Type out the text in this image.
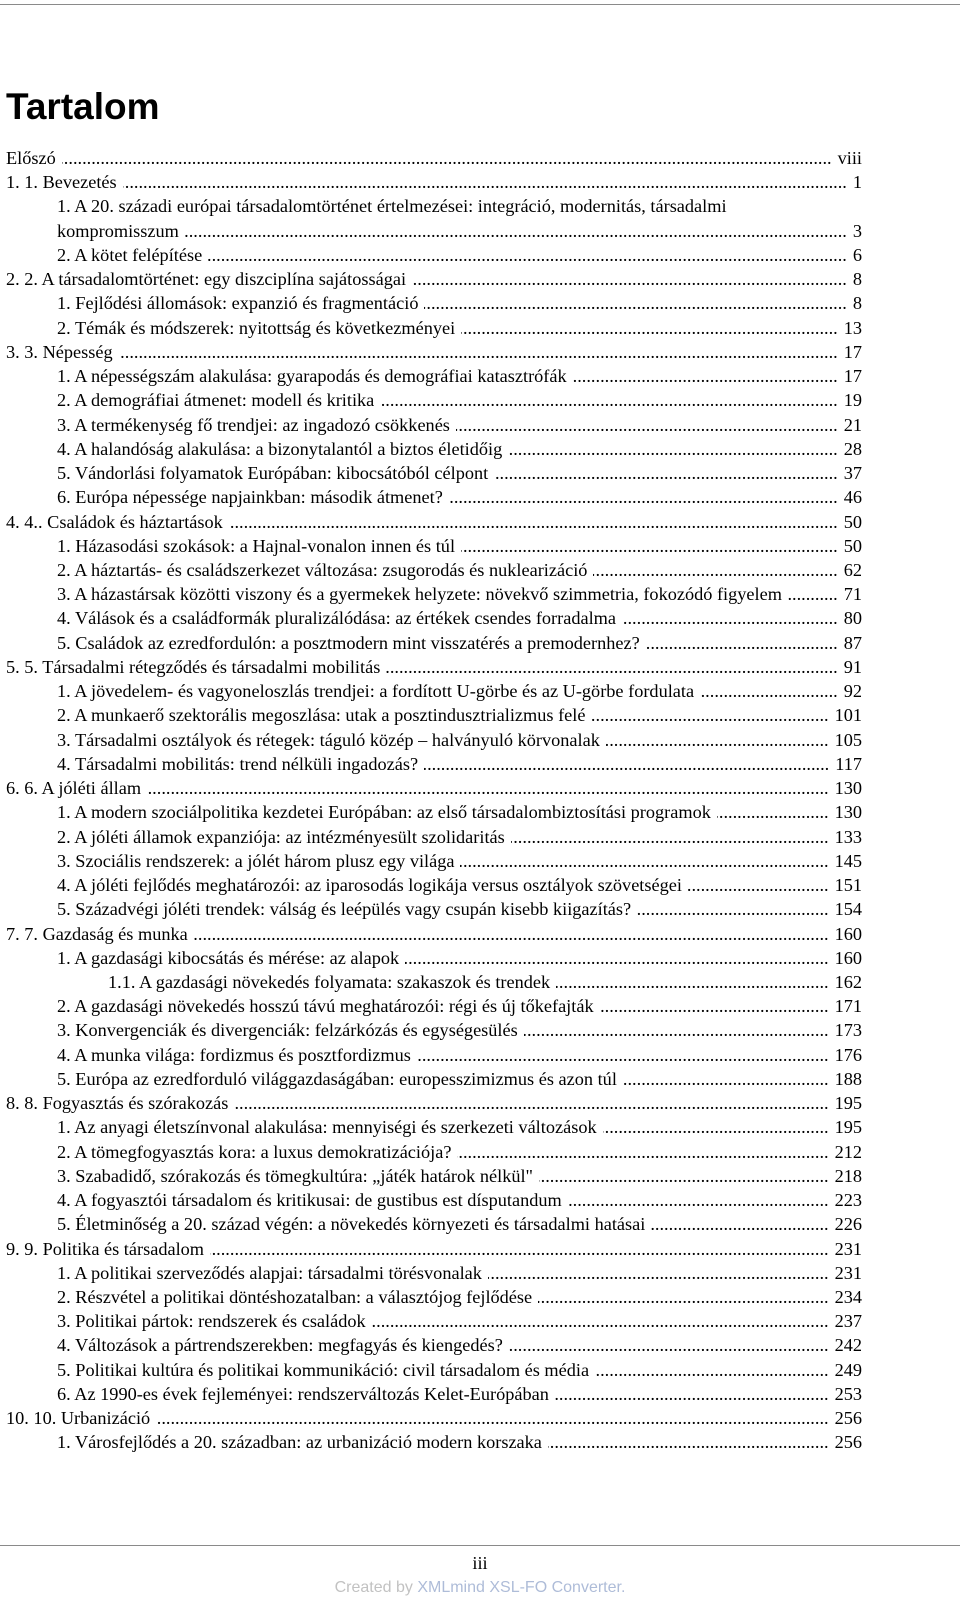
Tartalom
Előszó .....	viii
1. 1. Bevezetés .....	1
1. A 20. századi európai társadalomtörténet értelmezései: integráció, modernitás, társadalmi
kompromisszum .....	3
2. A kötet felépítése .....	6
2. 2. A társadalomtörténet: egy diszciplína sajátosságai .....	8
1. Fejlődési állomások: expanzió és fragmentáció .....	8
2. Témák és módszerek: nyitottság és következményei .....	13
3. 3. Népesség .....	17
1. A népességszám alakulása: gyarapodás és demográfiai katasztrófák .....	17
2. A demográfiai átmenet: modell és kritika .....	19
3. A termékenység fő trendjei: az ingadozó csökkenés .....	21
4. A halandóság alakulása: a bizonytalantól a biztos életidőig .....	28
5. Vándorlási folyamatok Európában: kibocsátóból célpont .....	37
6. Európa népessége napjainkban: második átmenet? .....	46
4. 4.. Családok és háztartások .....	50
1. Házasodási szokások: a Hajnal-vonalon innen és túl .....	50
2. A háztartás- és családszerkezet változása: zsugorodás és nuklearizáció .....	62
3. A házastársak közötti viszony és a gyermekek helyzete: növekvő szimmetria, fokozódó figyelem .....	71
4. Válások és a családformák pluralizálódása: az értékek csendes forradalma .....	80
5. Családok az ezredfordulón: a posztmodern mint visszatérés a premodernhez? .....	87
5. 5. Társadalmi rétegződés és társadalmi mobilitás .....	91
1. A jövedelem- és vagyoneloszlás trendjei: a fordított U-görbe és az U-görbe fordulata .....	92
2. A munkaerő szektorális megoszlása: utak a posztindusztrializmus felé .....	101
3. Társadalmi osztályok és rétegek: táguló közép – halványuló körvonalak .....	105
4. Társadalmi mobilitás: trend nélküli ingadozás? .....	117
6. 6. A jóléti állam .....	130
1. A modern szociálpolitika kezdetei Európában: az első társadalombiztosítási programok .....	130
2. A jóléti államok expanziója: az intézményesült szolidaritás .....	133
3. Szociális rendszerek: a jólét három plusz egy világa .....	145
4. A jóléti fejlődés meghatározói: az iparosodás logikája versus osztályok szövetségei .....	151
5. Századvégi jóléti trendek: válság és leépülés vagy csupán kisebb kiigazítás? .....	154
7. 7. Gazdaság és munka .....	160
1. A gazdasági kibocsátás és mérése: az alapok .....	160
1.1. A gazdasági növekedés folyamata: szakaszok és trendek .....	162
2. A gazdasági növekedés hosszú távú meghatározói: régi és új tőkefajták .....	171
3. Konvergenciák és divergenciák: felzárkózás és egységesülés .....	173
4. A munka világa: fordizmus és posztfordizmus .....	176
5. Európa az ezredforduló világgazdaságában: europesszimizmus és azon túl .....	188
8. 8. Fogyasztás és szórakozás .....	195
1. Az anyagi életszínvonal alakulása: mennyiségi és szerkezeti változások .....	195
2. A tömegfogyasztás kora: a luxus demokratizációja? .....	212
3. Szabadidő, szórakozás és tömegkultúra: „játék határok nélkül" .....	218
4. A fogyasztói társadalom és kritikusai: de gustibus est dísputandum .....	223
5. Életminőség a 20. század végén: a növekedés környezeti és társadalmi hatásai .....	226
9. 9. Politika és társadalom .....	231
1. A politikai szerveződés alapjai: társadalmi törésvonalak .....	231
2. Részvétel a politikai döntéshozatalban: a választójog fejlődése .....	234
3. Politikai pártok: rendszerek és családok .....	237
4. Változások a pártrendszerekben: megfagyás és kiengedés? .....	242
5. Politikai kultúra és politikai kommunikáció: civil társadalom és média .....	249
6. Az 1990-es évek fejleményei: rendszerváltozás Kelet-Európában .....	253
10. 10. Urbanizáció .....	256
1. Városfejlődés a 20. században: az urbanizáció modern korszaka .....	256
iii
Created by XMLmind XSL-FO Converter.
